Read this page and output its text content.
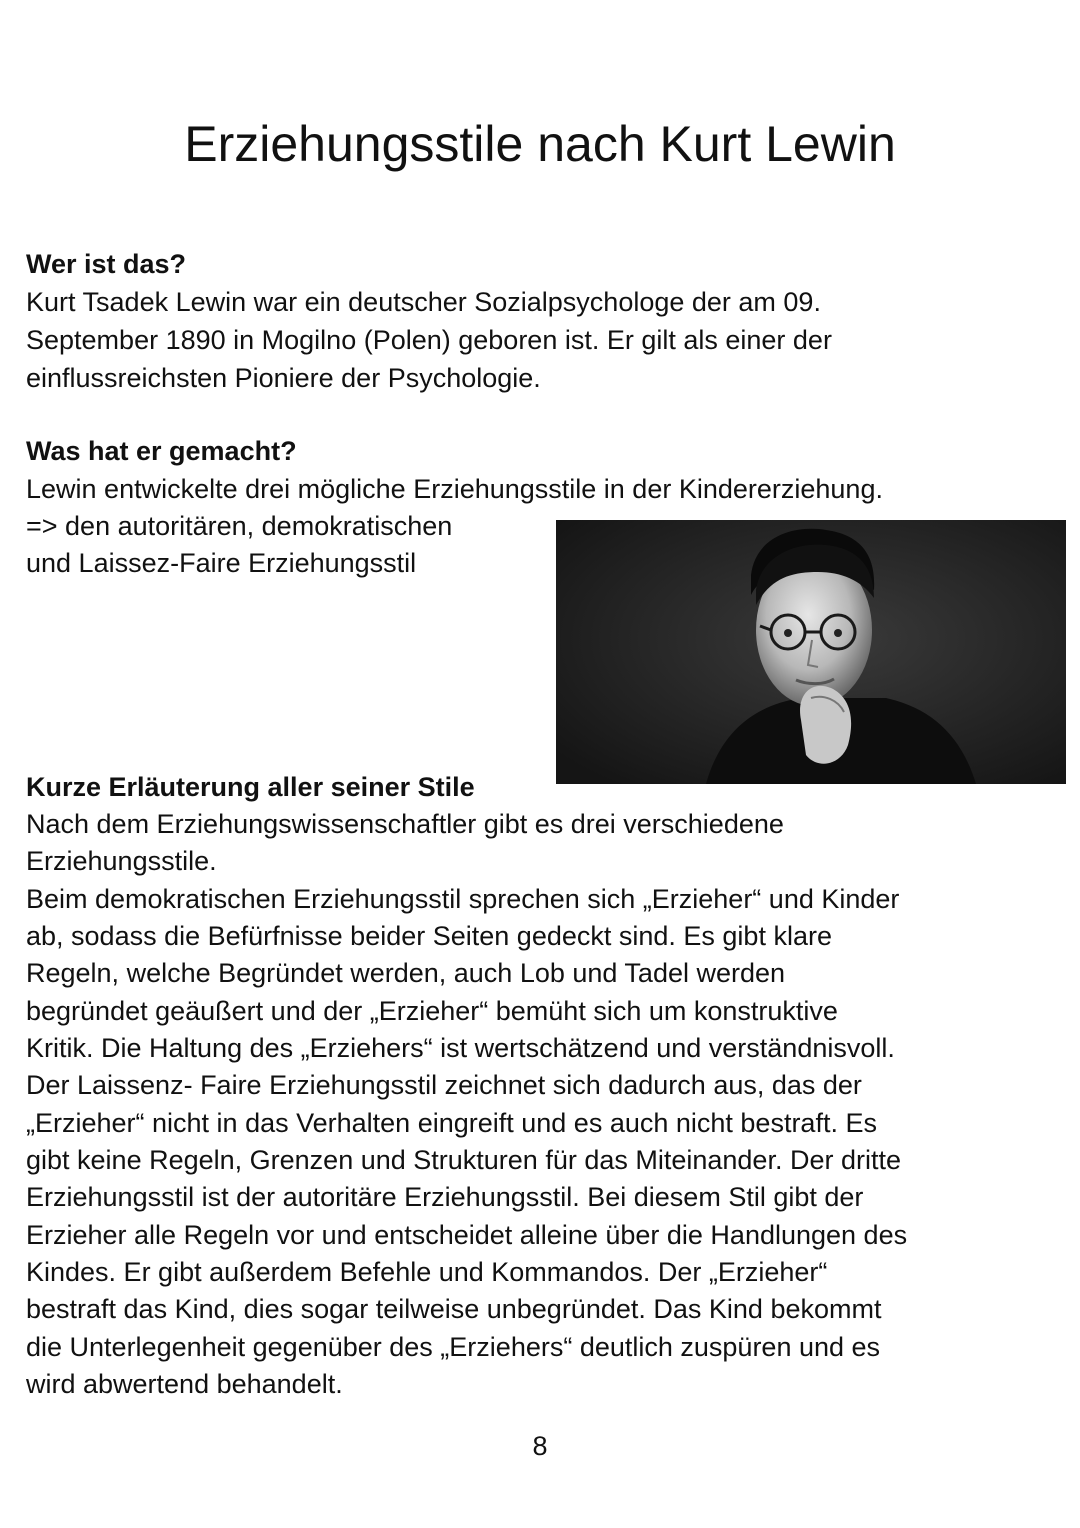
Erziehungsstile nach Kurt Lewin
Wer ist das?

Kurt Tsadek Lewin war ein deutscher Sozialpsychologe der am 09.

September 1890 in Mogilno (Polen) geboren ist. Er gilt als einer der

einflussreichsten Pioniere der Psychologie.

Was hat er gemacht?

Lewin entwickelte drei mögliche Erziehungsstile in der Kindererziehung.

=> den autoritären, demokratischen

und Laissez-Faire Erziehungsstil

Kurze Erläuterung aller seiner Stile

Nach dem Erziehungswissenschaftler gibt es drei verschiedene

Erziehungsstile.

Beim demokratischen Erziehungsstil sprechen sich „Erzieher“ und Kinder

ab, sodass die Befürfnisse beider Seiten gedeckt sind. Es gibt klare

Regeln, welche Begründet werden, auch Lob und Tadel werden

begründet geäußert und der „Erzieher“ bemüht sich um konstruktive

Kritik. Die Haltung des „Erziehers“ ist wertschätzend und verständnisvoll.

Der Laissenz- Faire Erziehungsstil zeichnet sich dadurch aus, das der

„Erzieher“ nicht in das Verhalten eingreift und es auch nicht bestraft. Es

gibt keine Regeln, Grenzen und Strukturen für das Miteinander. Der dritte

Erziehungsstil ist der autoritäre Erziehungsstil. Bei diesem Stil gibt der

Erzieher alle Regeln vor und entscheidet alleine über die Handlungen des

Kindes. Er gibt außerdem Befehle und Kommandos. Der „Erzieher“

bestraft das Kind, dies sogar teilweise unbegründet. Das Kind bekommt

die Unterlegenheit gegenüber des „Erziehers“ deutlich zuspüren und es

wird abwertend behandelt.

8
